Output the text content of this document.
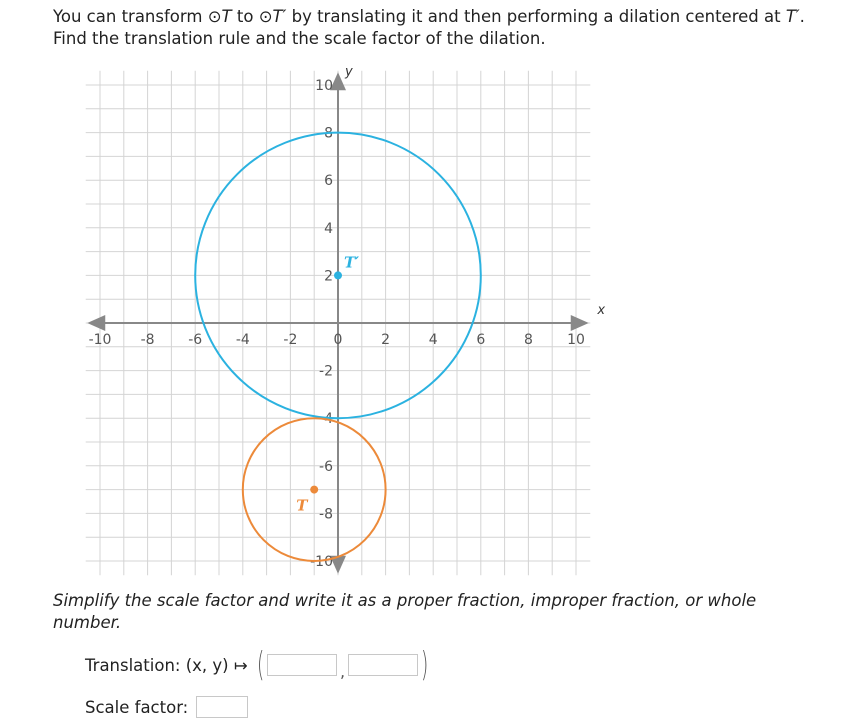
You can transform ⊙T to ⊙T′ by translating it and then performing a dilation centered at T′.
Find the translation rule and the scale factor of the dilation.
x
y
-10 -8 -6 -4 -2	0	2	4	6	8 10
10
8
6
4
2
-2
-4
-6
-8
-10
T′
T
Simplify the scale factor and write it as a proper fraction, improper fraction, or whole number.
Translation: (x, y) ↦ (	, )
Scale factor:
